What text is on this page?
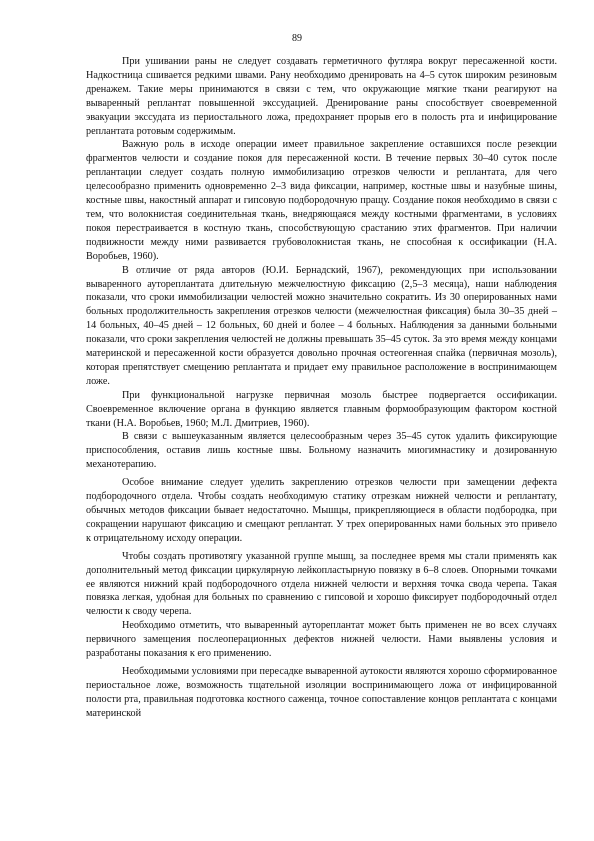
89

При ушивании раны не следует создавать герметичного футляра вокруг пересаженной кости. Надкостница сшивается редкими швами. Рану необходимо дренировать на 4–5 суток широким резиновым дренажем. Такие меры принимаются в связи с тем, что окружающие мягкие ткани реагируют на вываренный реплантат повышенной экссудацией. Дренирование раны способствует своевременной эвакуации экссудата из периостального ложа, предохраняет прорыв его в полость рта и инфицирование реплантата ротовым содержимым.

Важную роль в исходе операции имеет правильное закрепление оставшихся после резекции фрагментов челюсти и создание покоя для пересаженной кости. В течение первых 30–40 суток после реплантации следует создать полную иммобилизацию отрезков челюсти и реплантата, для чего целесообразно применить одновременно 2–3 вида фиксации, например, костные швы и назубные шины, костные швы, накостный аппарат и гипсовую подбородочную пращу. Создание покоя необходимо в связи с тем, что волокнистая соединительная ткань, внедряющаяся между костными фрагментами, в условиях покоя перестраивается в костную ткань, способствующую срастанию этих фрагментов. При наличии подвижности между ними развивается грубоволокнистая ткань, не способная к оссификации (Н.А. Воробьев, 1960).

В отличие от ряда авторов (Ю.И. Бернадский, 1967), рекомендующих при использовании вываренного аутореплантата длительную межчелюстную фиксацию (2,5–3 месяца), наши наблюдения показали, что сроки иммобилизации челюстей можно значительно сократить. Из 30 оперированных нами больных продолжительность закрепления отрезков челюсти (межчелюстная фиксация) была 30–35 дней – 14 больных, 40–45 дней – 12 больных, 60 дней и более – 4 больных. Наблюдения за данными больными показали, что сроки закрепления челюстей не должны превышать 35–45 суток. За это время между концами материнской и пересаженной кости образуется довольно прочная остеогенная спайка (первичная мозоль), которая препятствует смещению реплантата и придает ему правильное расположение в воспринимающем ложе.

При функциональной нагрузке первичная мозоль быстрее подвергается оссификации. Своевременное включение органа в функцию является главным формообразующим фактором костной ткани (Н.А. Воробьев, 1960; М.Л. Дмитриев, 1960).

В связи с вышеуказанным является целесообразным через 35–45 суток удалить фиксирующие приспособления, оставив лишь костные швы. Больному назначить миогимнастику и дозированную механотерапию.

Особое внимание следует уделить закреплению отрезков челюсти при замещении дефекта подбородочного отдела. Чтобы создать необходимую статику отрезкам нижней челюсти и реплантату, обычных методов фиксации бывает недостаточно. Мышцы, прикрепляющиеся в области подбородка, при сокращении нарушают фиксацию и смещают реплантат. У трех оперированных нами больных это привело к отрицательному исходу операции.

Чтобы создать противотягу указанной группе мышц, за последнее время мы стали применять как дополнительный метод фиксации циркулярную лейкопластырную повязку в 6–8 слоев. Опорными точками ее являются нижний край подбородочного отдела нижней челюсти и верхняя точка свода черепа. Такая повязка легкая, удобная для больных по сравнению с гипсовой и хорошо фиксирует подбородочный отдел челюсти к своду черепа.

Необходимо отметить, что вываренный аутореплантат может быть применен не во всех случаях первичного замещения послеоперационных дефектов нижней челюсти. Нами выявлены условия и разработаны показания к его применению.

Необходимыми условиями при пересадке вываренной аутокости являются хорошо сформированное периостальное ложе, возможность тщательной изоляции воспринимающего ложа от инфицированной полости рта, правильная подготовка костного саженца, точное сопоставление концов реплантата с концами материнской
